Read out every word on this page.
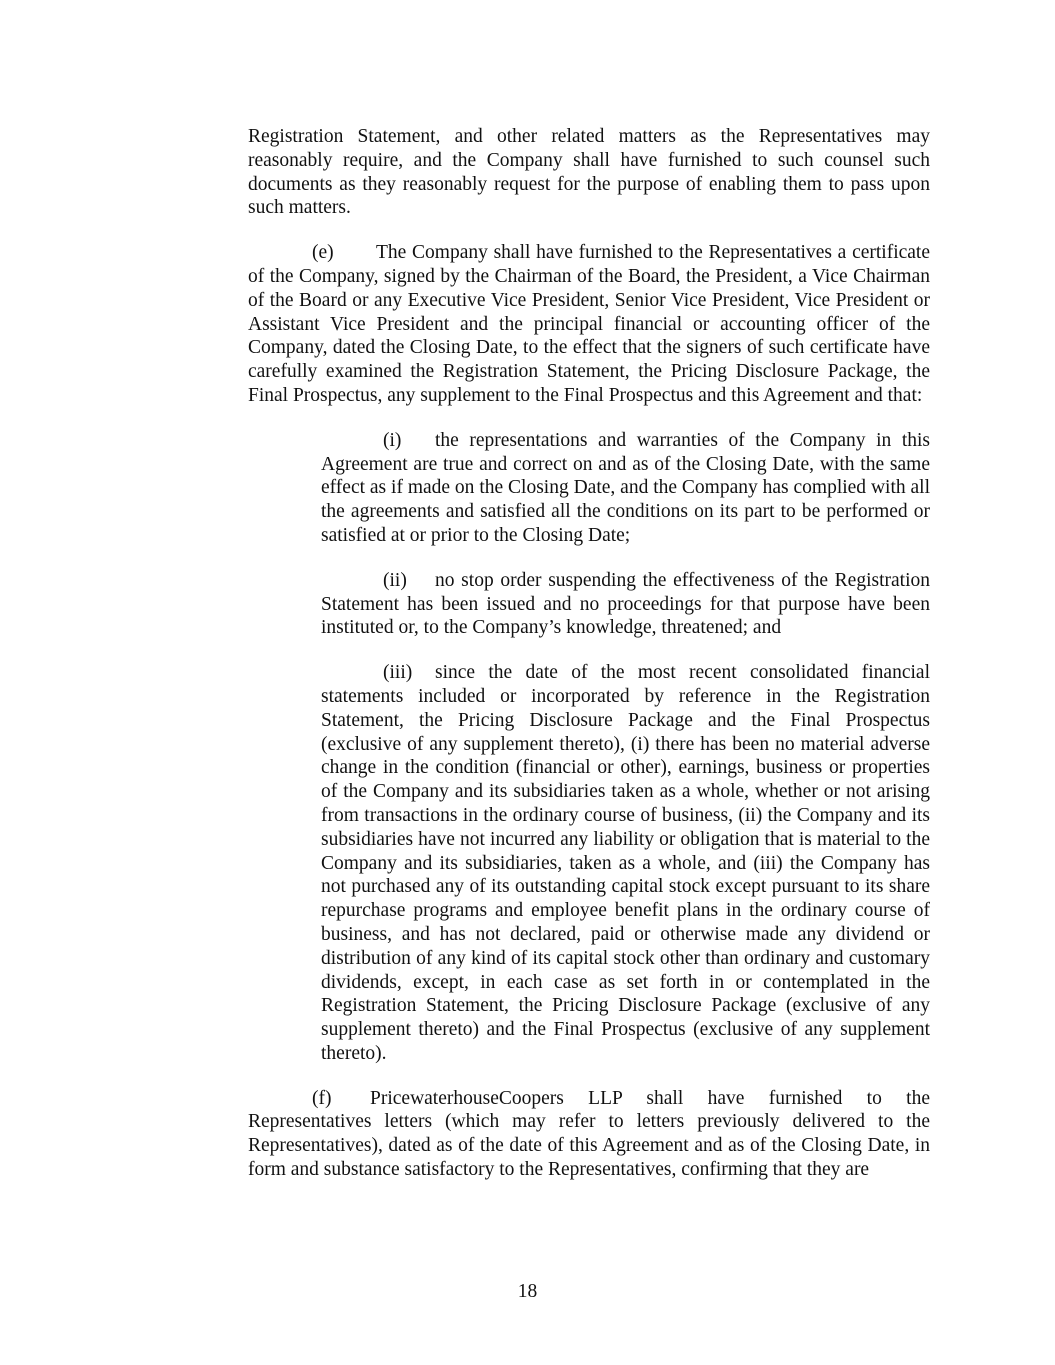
Registration Statement, and other related matters as the Representatives may reasonably require, and the Company shall have furnished to such counsel such documents as they reasonably request for the purpose of enabling them to pass upon such matters.

(e) The Company shall have furnished to the Representatives a certificate of the Company, signed by the Chairman of the Board, the President, a Vice Chairman of the Board or any Executive Vice President, Senior Vice President, Vice President or Assistant Vice President and the principal financial or accounting officer of the Company, dated the Closing Date, to the effect that the signers of such certificate have carefully examined the Registration Statement, the Pricing Disclosure Package, the Final Prospectus, any supplement to the Final Prospectus and this Agreement and that:

(i) the representations and warranties of the Company in this Agreement are true and correct on and as of the Closing Date, with the same effect as if made on the Closing Date, and the Company has complied with all the agreements and satisfied all the conditions on its part to be performed or satisfied at or prior to the Closing Date;

(ii) no stop order suspending the effectiveness of the Registration Statement has been issued and no proceedings for that purpose have been instituted or, to the Company’s knowledge, threatened; and

(iii) since the date of the most recent consolidated financial statements included or incorporated by reference in the Registration Statement, the Pricing Disclosure Package and the Final Prospectus (exclusive of any supplement thereto), (i) there has been no material adverse change in the condition (financial or other), earnings, business or properties of the Company and its subsidiaries taken as a whole, whether or not arising from transactions in the ordinary course of business, (ii) the Company and its subsidiaries have not incurred any liability or obligation that is material to the Company and its subsidiaries, taken as a whole, and (iii) the Company has not purchased any of its outstanding capital stock except pursuant to its share repurchase programs and employee benefit plans in the ordinary course of business, and has not declared, paid or otherwise made any dividend or distribution of any kind of its capital stock other than ordinary and customary dividends, except, in each case as set forth in or contemplated in the Registration Statement, the Pricing Disclosure Package (exclusive of any supplement thereto) and the Final Prospectus (exclusive of any supplement thereto).

(f) PricewaterhouseCoopers LLP shall have furnished to the Representatives letters (which may refer to letters previously delivered to the Representatives), dated as of the date of this Agreement and as of the Closing Date, in form and substance satisfactory to the Representatives, confirming that they are

18
